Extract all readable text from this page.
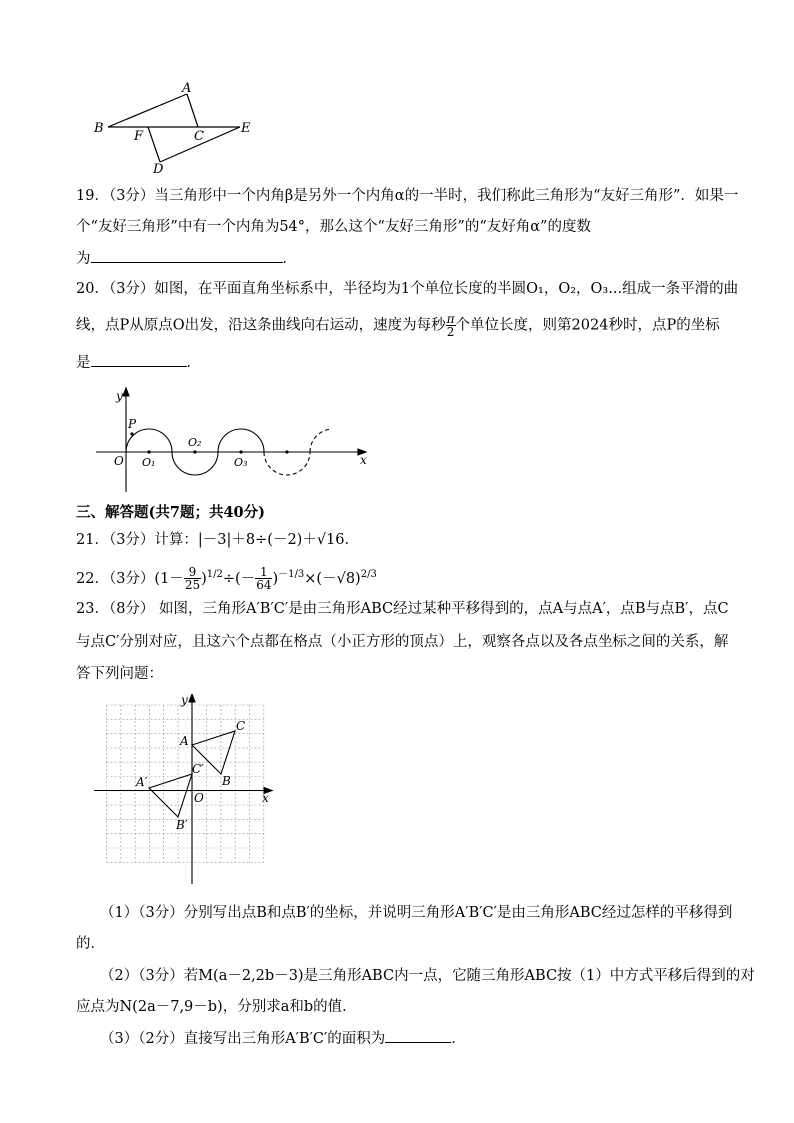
A
B
C
D
E
F
19．（3分）当三角形中一个内角β是另外一个内角α的一半时，我们称此三角形为“友好三角形”．如果一
个“友好三角形”中有一个内角为54°，那么这个“友好三角形”的“友好角α”的度数
为	．
20．（3分）如图，在平面直角坐标系中，半径均为1个单位长度的半圆O₁，O₂，O₃...组成一条平滑的曲
线，点P从原点O出发，沿这条曲线向右运动，速度为每秒 $\frac{\pi}{2}$ 个单位长度，则第2024秒时，点P的坐标
是	．
y
x
O
P
O₁
O₂
O₃
三、解答题(共7题；共40分)
21．（3分）计算：|－3|＋8÷(－2)＋√16．
22．（3分）$(1- \frac{9}{25} )^{1/2}\div(- \frac{1}{64} )^{-1/3}\times(-√8)^{2/3}$
23．（8分） 如图，三角形A′B′C′是由三角形ABC经过某种平移得到的，点A与点A′，点B与点B′，点C
与点C′分别对应，且这六个点都在格点（小正方形的顶点）上，观察各点以及各点坐标之间的关系，解
答下列问题：
y
x
O
A
C
B
A′
C′
B′
（1）（3分）分别写出点B和点B′的坐标，并说明三角形A′B′C′是由三角形ABC经过怎样的平移得到
的．
（2）（3分）若M(a－2,2b－3)是三角形ABC内一点，它随三角形ABC按（1）中方式平移后得到的对
应点为N(2a－7,9－b)，分别求a和b的值．
（3）（2分）直接写出三角形A′B′C′的面积为	．
